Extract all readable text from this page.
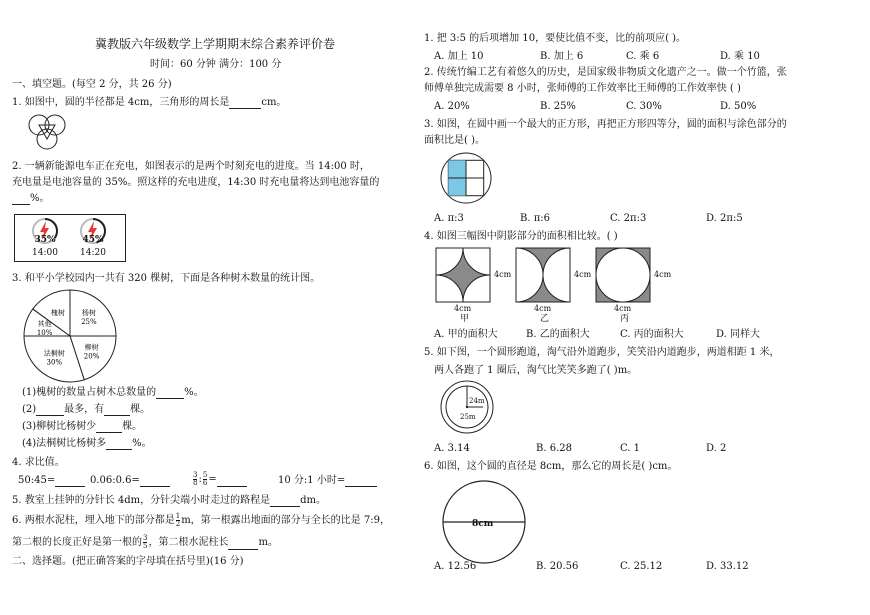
冀教版六年级数学上学期期末综合素养评价卷
时间：60 分钟 满分：100 分
一、填空题。(每空 2 分，共 26 分)
1. 如图中，圆的半径都是 4cm，三角形的周长是	cm。
2. 一辆新能源电车正在充电，如图表示的是两个时刻充电的进度。当 14:00 时，
充电量是电池容量的 35%。照这样的充电进度，14:30 时充电量将达到电池容量的
%。
35%
14:00
45%
14:20
3. 和平小学校园内一共有 320 棵树，下面是各种树木数量的统计图。
杨树
25%
柳树
20%
法桐树
30%
其他
10%
槐树
(1)槐树的数量占树木总数量的	%。
(2)	最多，有	棵。
(3)柳树比杨树少	棵。
(4)法桐树比杨树多	%。
4. 求比值。
50:45=	0.06:0.6=	$\frac{3}{8}$ : $\frac{5}{6}$ =	10 分:1 小时=
5. 教室上挂钟的分针长 4dm，分针尖端小时走过的路程是	dm。
6. 两根水泥柱，埋入地下的部分都是 $\frac{1}{2}$ m，第一根露出地面的部分与全长的比是 7:9，
第二根的长度正好是第一根的 $\frac{3}{5}$ ，第二根水泥柱长	m。
二、选择题。(把正确答案的字母填在括号里)(16 分)
1. 把 3:5 的后项增加 10，要使比值不变，比的前项应( )。
A. 加上 10	B. 加上 6	C. 乘 6	D. 乘 10
2. 传统竹编工艺有着悠久的历史，是国家级非物质文化遗产之一。做一个竹篮，张
师傅单独完成需要 8 小时，张师傅的工作效率比王师傅的工作效率快 ( )
A. 20%	B. 25%	C. 30%	D. 50%
3. 如图，在圆中画一个最大的正方形，再把正方形四等分，圆的面积与涂色部分的
面积比是( )。
A. π:3	B. π:6	C. 2π:3	D. 2π:5
4. 如图三幅图中阴影部分的面积相比较。( )
4cm
4cm
甲
4cm
4cm
乙
4cm
4cm
丙
A. 甲的面积大	B. 乙的面积大	C. 丙的面积大	D. 同样大
5. 如下图，一个圆形跑道，淘气沿外道跑步，笑笑沿内道跑步，两道相距 1 米，
两人各跑了 1 圈后，淘气比笑笑多跑了( )m。
24m
25m
A. 3.14	B. 6.28	C. 1	D. 2
6. 如图，这个圆的直径是 8cm，那么它的周长是( )cm。
8cm
A. 12.56	B. 20.56	C. 25.12	D. 33.12
